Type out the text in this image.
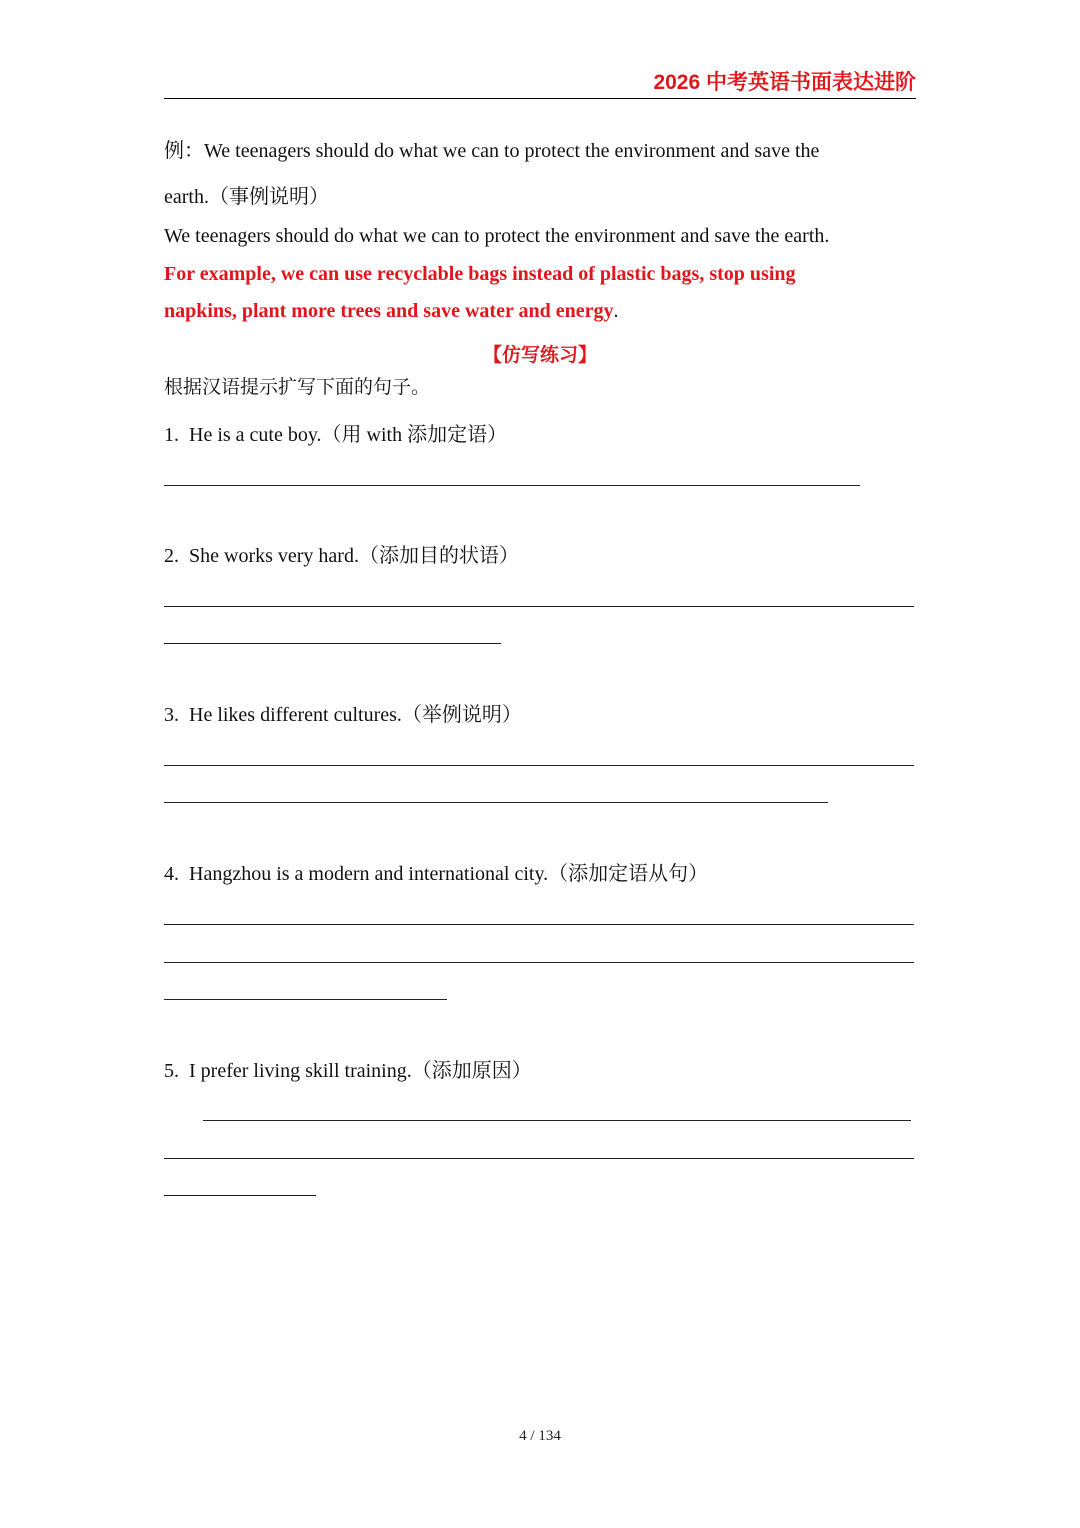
2026 中考英语书面表达进阶
例：We teenagers should do what we can to protect the environment and save the
earth.（事例说明）
We teenagers should do what we can to protect the environment and save the earth.
For example, we can use recyclable bags instead of plastic bags, stop using
napkins, plant more trees and save water and energy.
【仿写练习】
根据汉语提示扩写下面的句子。
1. He is a cute boy.（用 with 添加定语）
2. She works very hard.（添加目的状语）
3. He likes different cultures.（举例说明）
4. Hangzhou is a modern and international city.（添加定语从句）
5. I prefer living skill training.（添加原因）
4 / 134
